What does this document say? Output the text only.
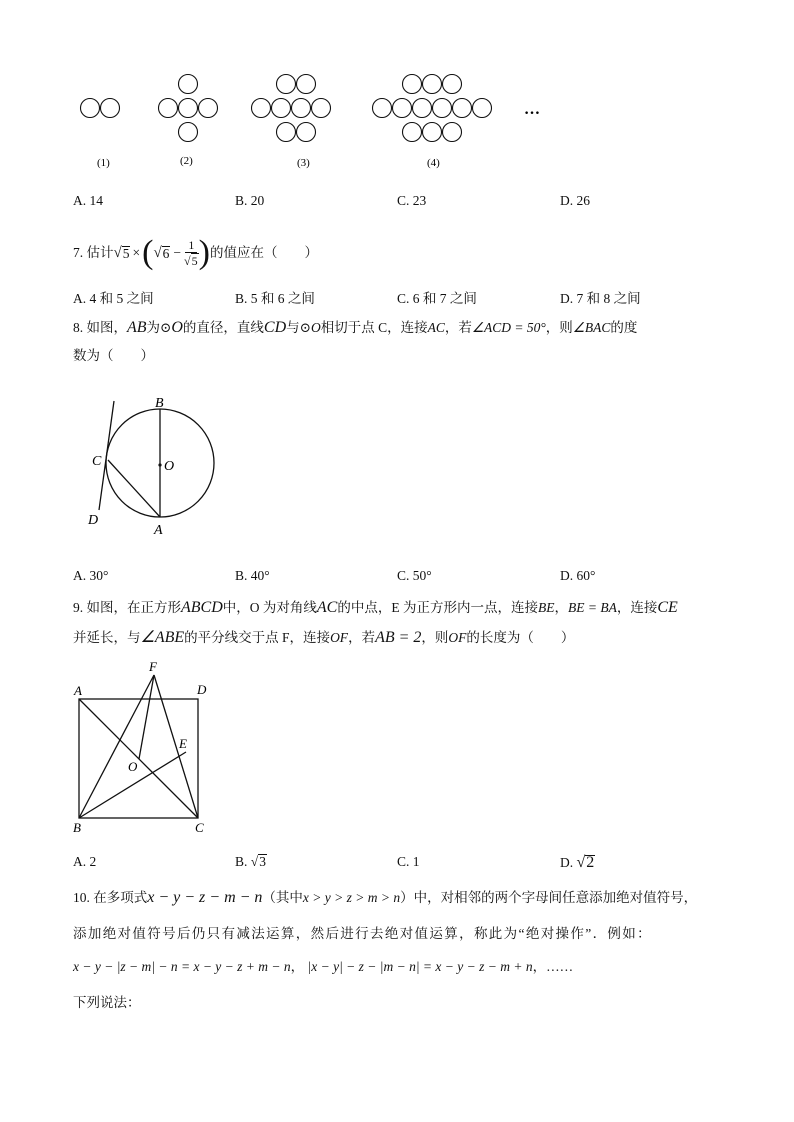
…
(1)	(2)	(3)	(4)
A. 14	B. 20	C. 23	D. 26
7.
估计 √ 5 × ( √ $6 - \frac{1}{√5}$ ) 的值应在（　　）
A. 4 和 5 之间	B. 5 和 6 之间	C. 6 和 7 之间	D. 7 和 8 之间
8. 如图，AB为⊙O的直径，直线CD与⊙O相切于点 C，连接AC，若∠ACD = 50°，则∠BAC的度
数为（　　）
B
O
C
D
A
A. 30°	B. 40°	C. 50°	D. 60°
9. 如图，在正方形ABCD中，O 为对角线AC的中点，E 为正方形内一点，连接BE，BE = BA，连接CE
并延长，与∠ABE的平分线交于点 F，连接OF，若AB = 2，则OF的长度为（　　）
F
A	D
E
O
B	C
A. 2	B. √3	C. 1	D. √2
10. 在多项式x − y − z − m − n（其中x > y > z > m > n）中，对相邻的两个字母间任意添加绝对值符号，
添加绝对值符号后仍只有减法运算，然后进行去绝对值运算，称此为“绝对操作”．例如：
x − y − |z − m| − n = x − y − z + m − n， |x − y| − z − |m − n| = x − y − z − m + n，……
下列说法：
